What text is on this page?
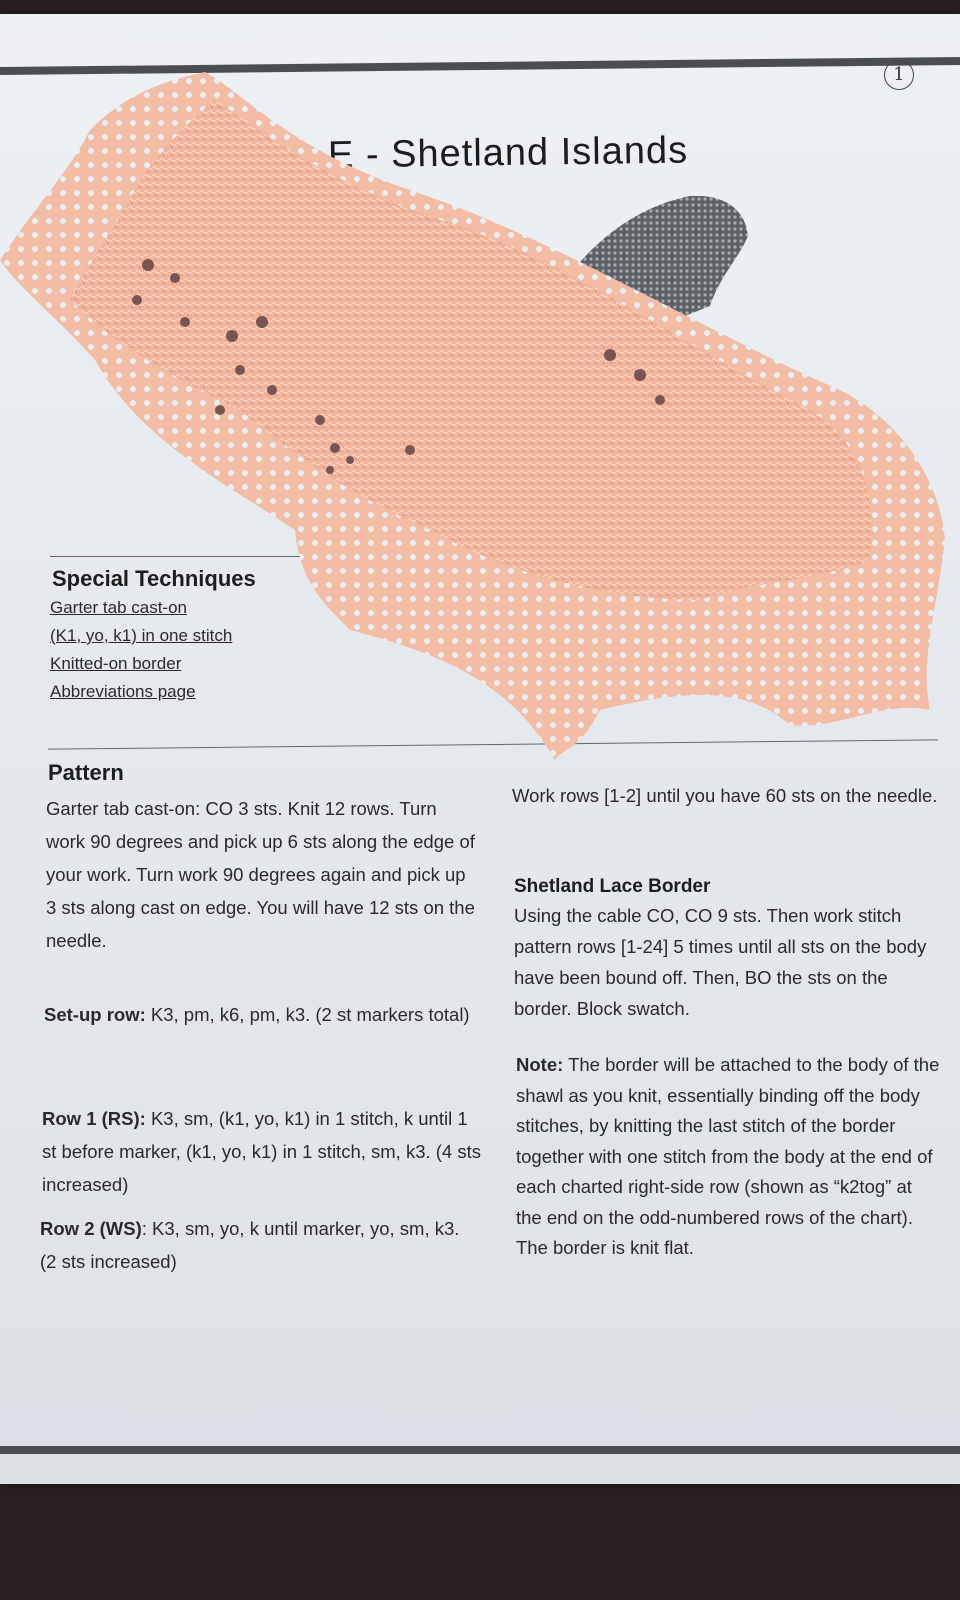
1
Ε - Shetland Islands
Special Techniques
Garter tab cast-on
(K1, yo, k1) in one stitch
Knitted-on border
Abbreviations page
Pattern
Garter tab cast-on: CO 3 sts. Knit 12 rows. Turn work 90 degrees and pick up 6 sts along the edge of your work. Turn work 90 degrees again and pick up 3 sts along cast on edge. You will have 12 sts on the needle.
Set-up row: K3, pm, k6, pm, k3. (2 st markers total)
Row 1 (RS): K3, sm, (k1, yo, k1) in 1 stitch, k until 1 st before marker, (k1, yo, k1) in 1 stitch, sm, k3. (4 sts increased)
Row 2 (WS): K3, sm, yo, k until marker, yo, sm, k3. (2 sts increased)
Work rows [1-2] until you have 60 sts on the needle.
Shetland Lace Border
Using the cable CO, CO 9 sts. Then work stitch pattern rows [1-24] 5 times until all sts on the body have been bound off. Then, BO the sts on the border. Block swatch.
Note: The border will be attached to the body of the shawl as you knit, essentially binding off the body stitches, by knitting the last stitch of the border together with one stitch from the body at the end of each charted right-side row (shown as “k2tog” at the end on the odd-numbered rows of the chart). The border is knit flat.
